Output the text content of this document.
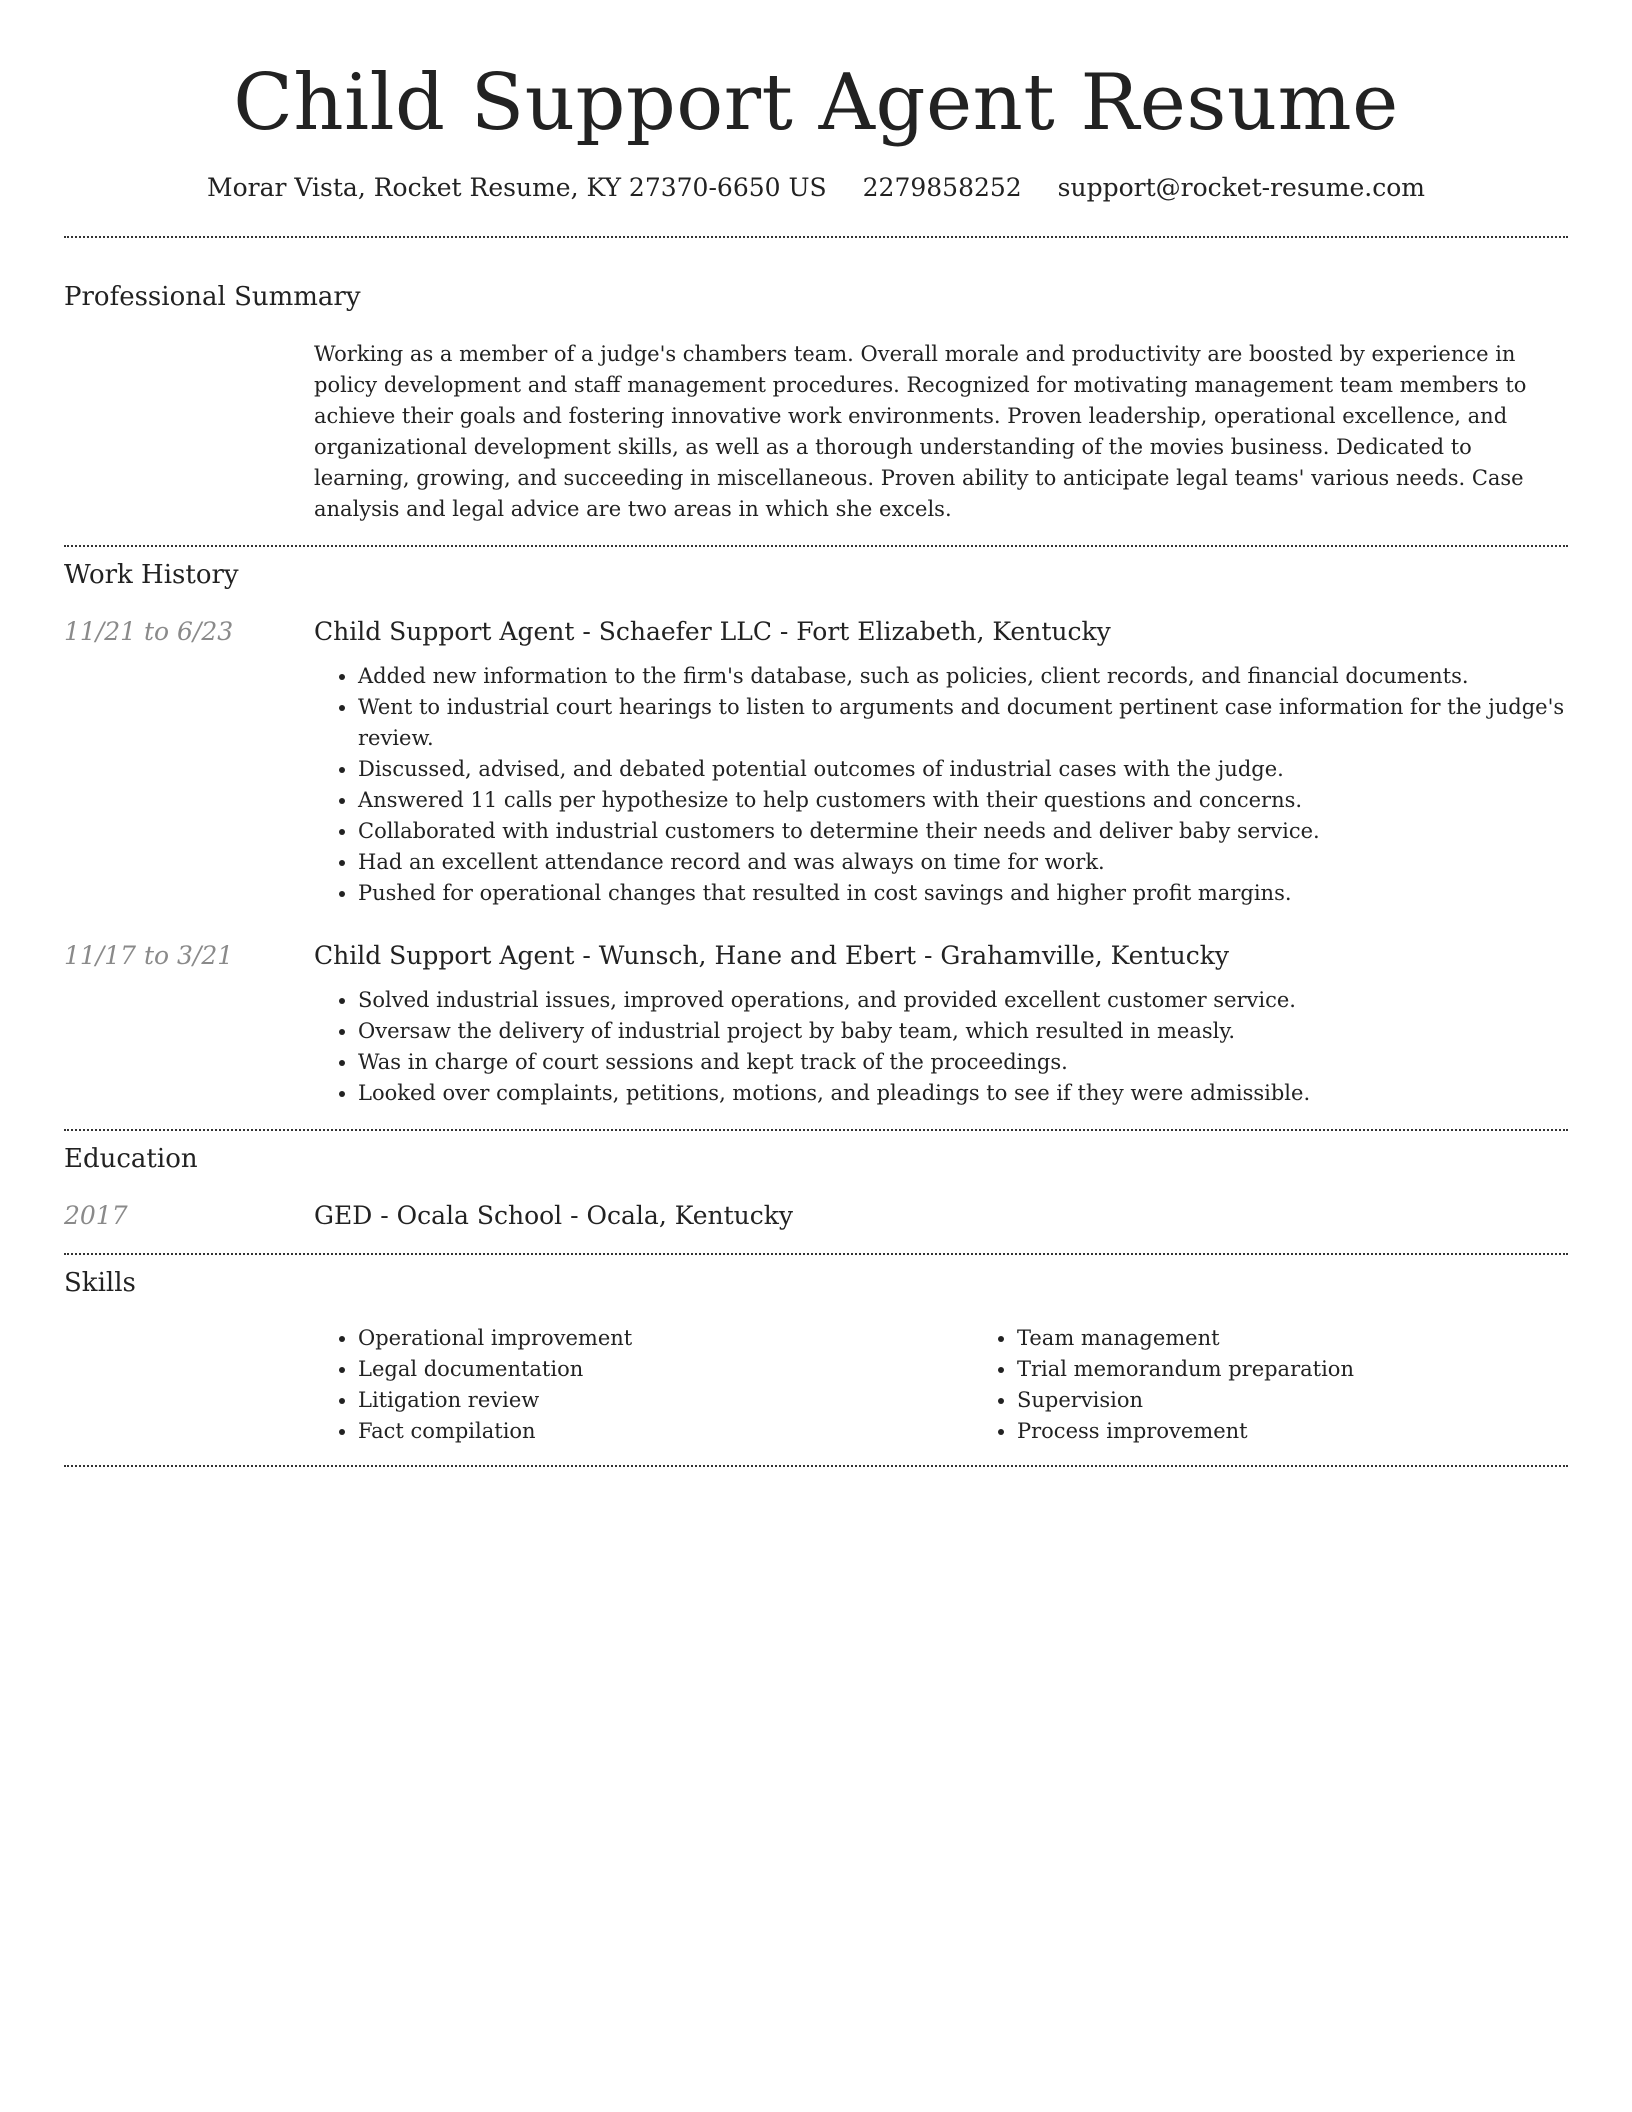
Child Support Agent Resume
Morar Vista, Rocket Resume, KY 27370-6650 US 2279858252 support@rocket-resume.com
Professional Summary

Working as a member of a judge's chambers team. Overall morale and productivity are boosted by experience in policy development and staff management procedures. Recognized for motivating management team members to achieve their goals and fostering innovative work environments. Proven leadership, operational excellence, and organizational development skills, as well as a thorough understanding of the movies business. Dedicated to learning, growing, and succeeding in miscellaneous. Proven ability to anticipate legal teams' various needs. Case analysis and legal advice are two areas in which she excels.

Work History
11/21 to 6/23	Child Support Agent - Schaefer LLC - Fort Elizabeth, Kentucky
• Added new information to the firm's database, such as policies, client records, and financial documents.
• Went to industrial court hearings to listen to arguments and document pertinent case information for the judge's review.
• Discussed, advised, and debated potential outcomes of industrial cases with the judge.
• Answered 11 calls per hypothesize to help customers with their questions and concerns.
• Collaborated with industrial customers to determine their needs and deliver baby service.
• Had an excellent attendance record and was always on time for work.
• Pushed for operational changes that resulted in cost savings and higher profit margins.
11/17 to 3/21	Child Support Agent - Wunsch, Hane and Ebert - Grahamville, Kentucky
• Solved industrial issues, improved operations, and provided excellent customer service.
• Oversaw the delivery of industrial project by baby team, which resulted in measly.
• Was in charge of court sessions and kept track of the proceedings.
• Looked over complaints, petitions, motions, and pleadings to see if they were admissible.
Education
2017	GED - Ocala School - Ocala, Kentucky
Skills
• Operational improvement
• Legal documentation
• Litigation review
• Fact compilation
• Team management
• Trial memorandum preparation
• Supervision
• Process improvement
